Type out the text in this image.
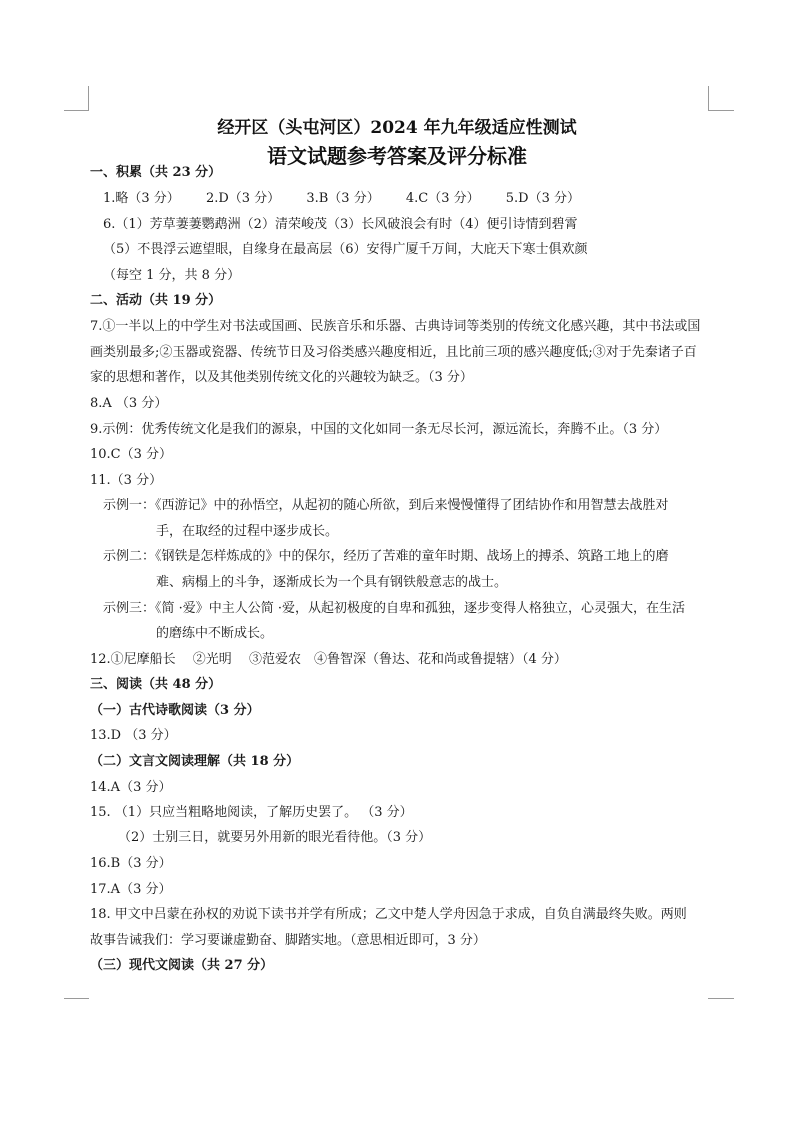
经开区（头屯河区）2024 年九年级适应性测试
语文试题参考答案及评分标准

一、积累（共 23 分）

1.略（3 分） 2.D（3 分） 3.B（3 分） 4.C（3 分） 5.D（3 分）

6.（1）芳草萋萋鹦鹉洲（2）清荣峻茂（3）长风破浪会有时（4）便引诗情到碧霄

（5）不畏浮云遮望眼，自缘身在最高层（6）安得广厦千万间，大庇天下寒士俱欢颜

（每空 1 分，共 8 分）

二、活动（共 19 分）

7.①一半以上的中学生对书法或国画、民族音乐和乐器、古典诗词等类别的传统文化感兴趣，其中书法或国

画类别最多;②玉器或瓷器、传统节日及习俗类感兴趣度相近，且比前三项的感兴趣度低;③对于先秦诸子百

家的思想和著作，以及其他类别传统文化的兴趣较为缺乏。（3 分）

8.A （3 分）

9.示例：优秀传统文化是我们的源泉，中国的文化如同一条无尽长河，源远流长，奔腾不止。（3 分）

10.C（3 分）

11.（3 分）

示例一：《西游记》中的孙悟空，从起初的随心所欲，到后来慢慢懂得了团结协作和用智慧去战胜对

手，在取经的过程中逐步成长。

示例二：《钢铁是怎样炼成的》中的保尔，经历了苦难的童年时期、战场上的搏杀、筑路工地上的磨

难、病榻上的斗争，逐渐成长为一个具有钢铁般意志的战士。

示例三：《简 ·爱》中主人公简 ·爱，从起初极度的自卑和孤独，逐步变得人格独立，心灵强大，在生活

的磨练中不断成长。

12.①尼摩船长　 ②光明　 ③范爱农　④鲁智深（鲁达、花和尚或鲁提辖）（4 分）

三、阅读（共 48 分）

（一）古代诗歌阅读（3 分）

13.D （3 分）

（二）文言文阅读理解（共 18 分）

14.A（3 分）

15. （1）只应当粗略地阅读，了解历史罢了。 （3 分）

（2）士别三日，就要另外用新的眼光看待他。（3 分）

16.B（3 分）

17.A（3 分）

18. 甲文中吕蒙在孙权的劝说下读书并学有所成；乙文中楚人学舟因急于求成，自负自满最终失败。两则

故事告诫我们：学习要谦虚勤奋、脚踏实地。（意思相近即可，3 分）

（三）现代文阅读（共 27 分）
